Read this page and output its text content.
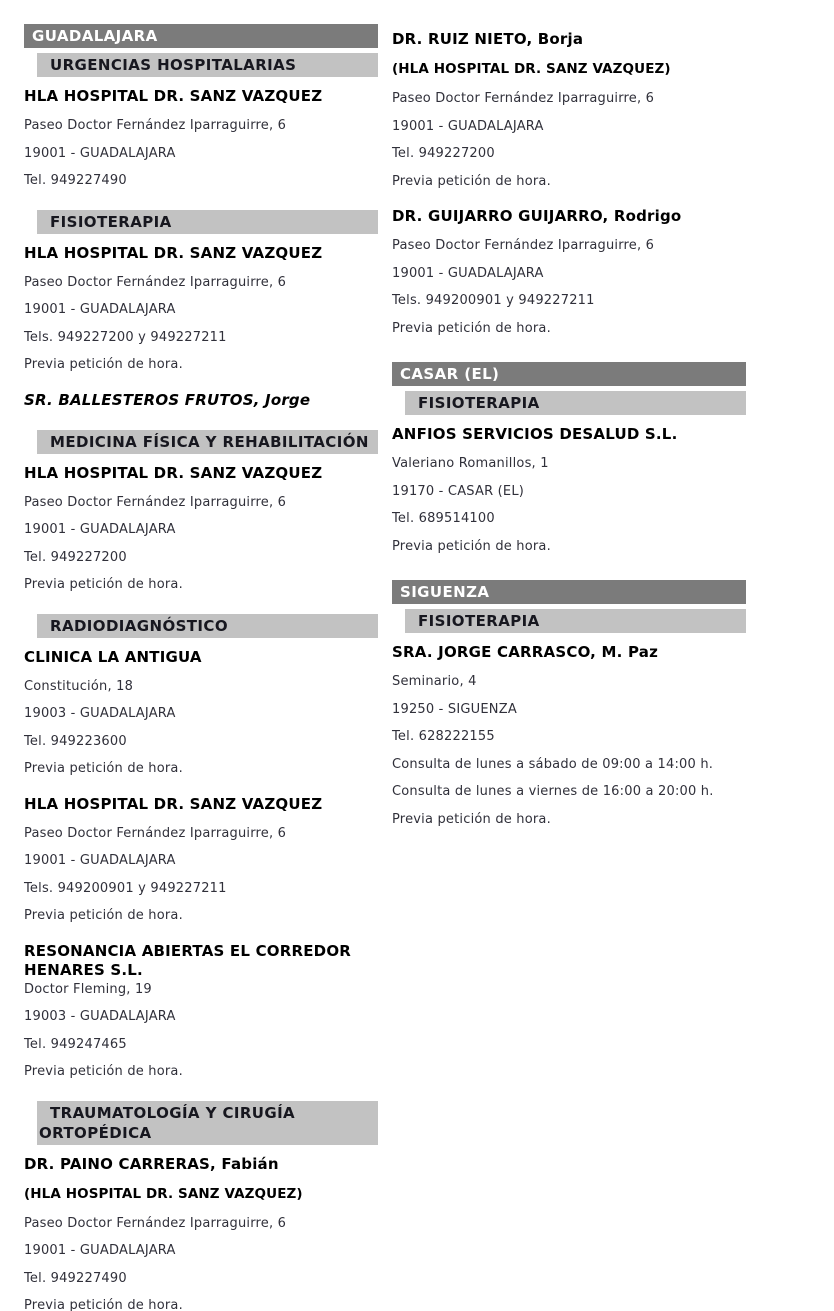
GUADALAJARA
URGENCIAS HOSPITALARIAS
HLA HOSPITAL DR. SANZ VAZQUEZ
Paseo Doctor Fernández Iparraguirre, 6
19001 - GUADALAJARA
Tel. 949227490
FISIOTERAPIA
HLA HOSPITAL DR. SANZ VAZQUEZ
Paseo Doctor Fernández Iparraguirre, 6
19001 - GUADALAJARA
Tels. 949227200 y 949227211
Previa petición de hora.
SR. BALLESTEROS FRUTOS, Jorge
MEDICINA FÍSICA Y REHABILITACIÓN
HLA HOSPITAL DR. SANZ VAZQUEZ
Paseo Doctor Fernández Iparraguirre, 6
19001 - GUADALAJARA
Tel. 949227200
Previa petición de hora.
RADIODIAGNÓSTICO
CLINICA LA ANTIGUA
Constitución, 18
19003 - GUADALAJARA
Tel. 949223600
Previa petición de hora.
HLA HOSPITAL DR. SANZ VAZQUEZ
Paseo Doctor Fernández Iparraguirre, 6
19001 - GUADALAJARA
Tels. 949200901 y 949227211
Previa petición de hora.
RESONANCIA ABIERTAS EL CORREDOR HENARES S.L.
Doctor Fleming, 19
19003 - GUADALAJARA
Tel. 949247465
Previa petición de hora.
TRAUMATOLOGÍA Y CIRUGÍA ORTOPÉDICA
DR. PAINO CARRERAS, Fabián
(HLA HOSPITAL DR. SANZ VAZQUEZ)
Paseo Doctor Fernández Iparraguirre, 6
19001 - GUADALAJARA
Tel. 949227490
Previa petición de hora.
DR. RUIZ NIETO, Borja
(HLA HOSPITAL DR. SANZ VAZQUEZ)
Paseo Doctor Fernández Iparraguirre, 6
19001 - GUADALAJARA
Tel. 949227200
Previa petición de hora.
DR. GUIJARRO GUIJARRO, Rodrigo
Paseo Doctor Fernández Iparraguirre, 6
19001 - GUADALAJARA
Tels. 949200901 y 949227211
Previa petición de hora.
CASAR (EL)
FISIOTERAPIA
ANFIOS SERVICIOS DESALUD S.L.
Valeriano Romanillos, 1
19170 - CASAR (EL)
Tel. 689514100
Previa petición de hora.
SIGUENZA
FISIOTERAPIA
SRA. JORGE CARRASCO, M. Paz
Seminario, 4
19250 - SIGUENZA
Tel. 628222155
Consulta de lunes a sábado de 09:00 a 14:00 h.
Consulta de lunes a viernes de 16:00 a 20:00 h.
Previa petición de hora.
